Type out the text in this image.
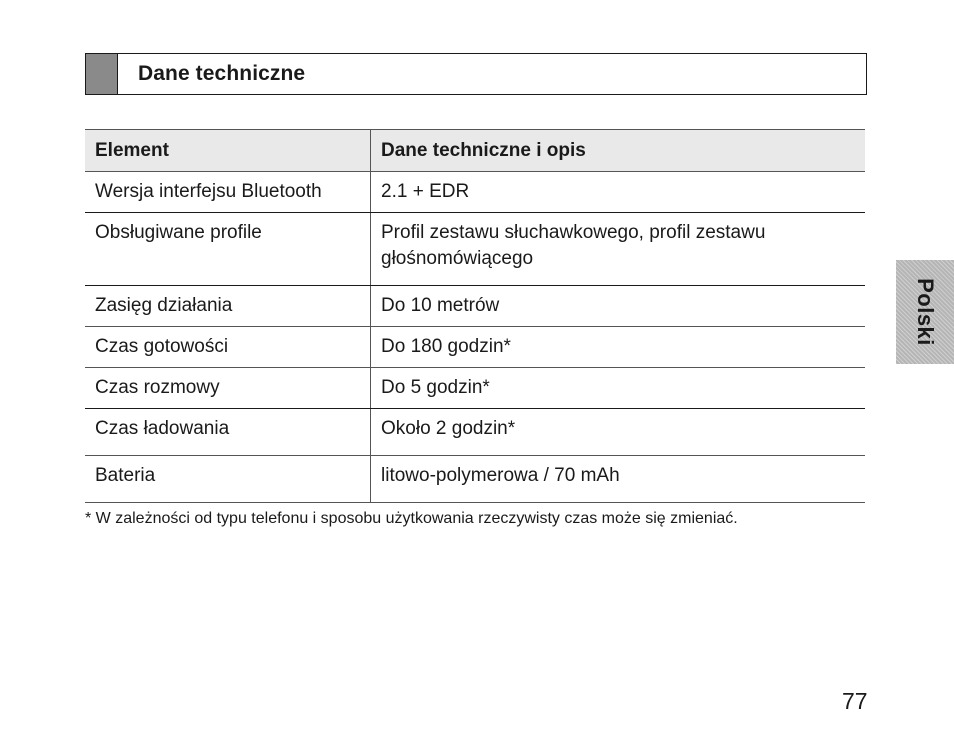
Dane techniczne
Element	Dane techniczne i opis
Wersja interfejsu Bluetooth	2.1 + EDR
Obsługiwane profile	Profil zestawu słuchawkowego, profil zestawu głośnomówiącego
Zasięg działania	Do 10 metrów
Czas gotowości	Do 180 godzin*
Czas rozmowy	Do 5 godzin*
Czas ładowania	Około 2 godzin*
Bateria	litowo-polymerowa / 70 mAh
* W zależności od typu telefonu i sposobu użytkowania rzeczywisty czas może się zmieniać.
Polski
77
